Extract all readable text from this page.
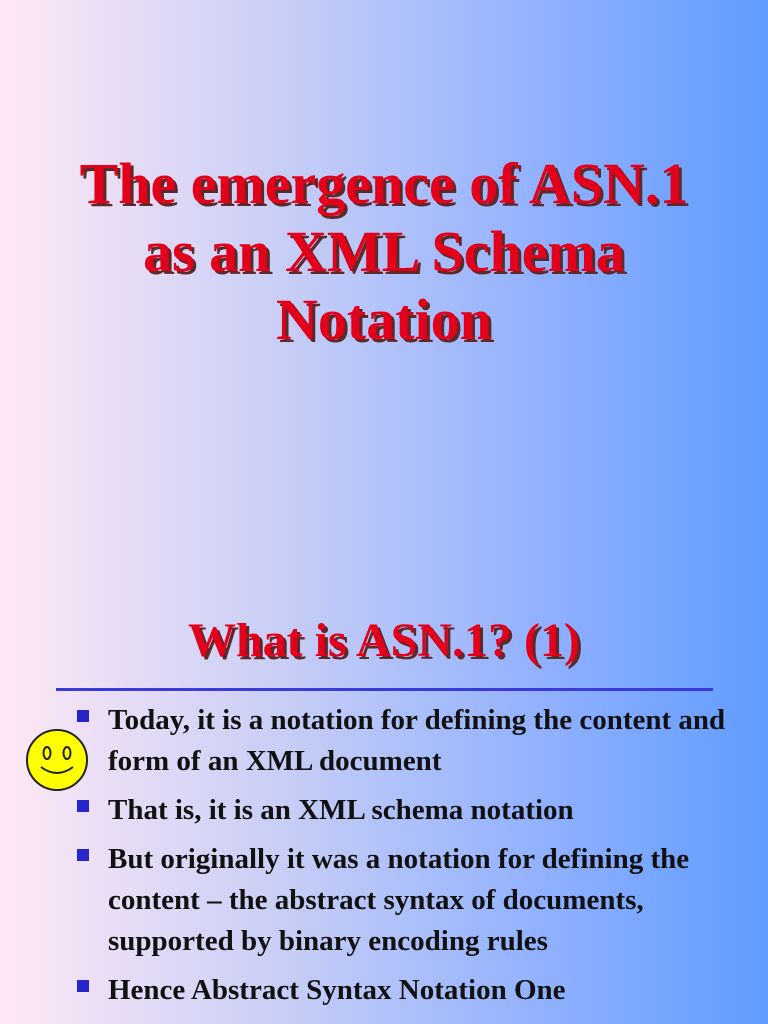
The emergence of ASN.1
as an XML Schema
Notation
What is ASN.1? (1)
Today, it is a notation for defining the content and form of an XML document
That is, it is an XML schema notation
But originally it was a notation for defining the content – the abstract syntax of documents, supported by binary encoding rules
Hence Abstract Syntax Notation One
